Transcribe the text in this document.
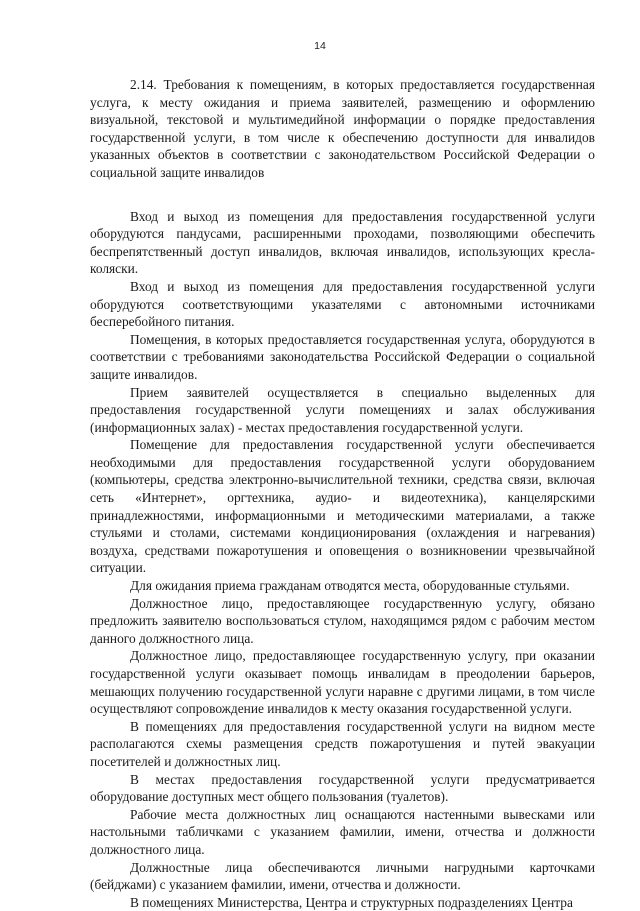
14

2.14. Требования к помещениям, в которых предоставляется государственная услуга, к месту ожидания и приема заявителей, размещению и оформлению визуальной, текстовой и мультимедийной информации о порядке предоставления государственной услуги, в том числе к обеспечению доступности для инвалидов указанных объектов в соответствии с законодательством Российской Федерации о социальной защите инвалидов

Вход и выход из помещения для предоставления государственной услуги оборудуются пандусами, расширенными проходами, позволяющими обеспечить беспрепятственный доступ инвалидов, включая инвалидов, использующих кресла-коляски.

Вход и выход из помещения для предоставления государственной услуги оборудуются соответствующими указателями с автономными источниками бесперебойного питания.

Помещения, в которых предоставляется государственная услуга, оборудуются в соответствии с требованиями законодательства Российской Федерации о социальной защите инвалидов.

Прием заявителей осуществляется в специально выделенных для предоставления государственной услуги помещениях и залах обслуживания (информационных залах) - местах предоставления государственной услуги.

Помещение для предоставления государственной услуги обеспечивается необходимыми для предоставления государственной услуги оборудованием (компьютеры, средства электронно-вычислительной техники, средства связи, включая сеть «Интернет», оргтехника, аудио- и видеотехника), канцелярскими принадлежностями, информационными и методическими материалами, а также стульями и столами, системами кондиционирования (охлаждения и нагревания) воздуха, средствами пожаротушения и оповещения о возникновении чрезвычайной ситуации.

Для ожидания приема гражданам отводятся места, оборудованные стульями.

Должностное лицо, предоставляющее государственную услугу, обязано предложить заявителю воспользоваться стулом, находящимся рядом с рабочим местом данного должностного лица.

Должностное лицо, предоставляющее государственную услугу, при оказании государственной услуги оказывает помощь инвалидам в преодолении барьеров, мешающих получению государственной услуги наравне с другими лицами, в том числе осуществляют сопровождение инвалидов к месту оказания государственной услуги.

В помещениях для предоставления государственной услуги на видном месте располагаются схемы размещения средств пожаротушения и путей эвакуации посетителей и должностных лиц.

В местах предоставления государственной услуги предусматривается оборудование доступных мест общего пользования (туалетов).

Рабочие места должностных лиц оснащаются настенными вывесками или настольными табличками с указанием фамилии, имени, отчества и должности должностного лица.

Должностные лица обеспечиваются личными нагрудными карточками (бейджами) с указанием фамилии, имени, отчества и должности.

В помещениях Министерства, Центра и структурных подразделениях Центра
